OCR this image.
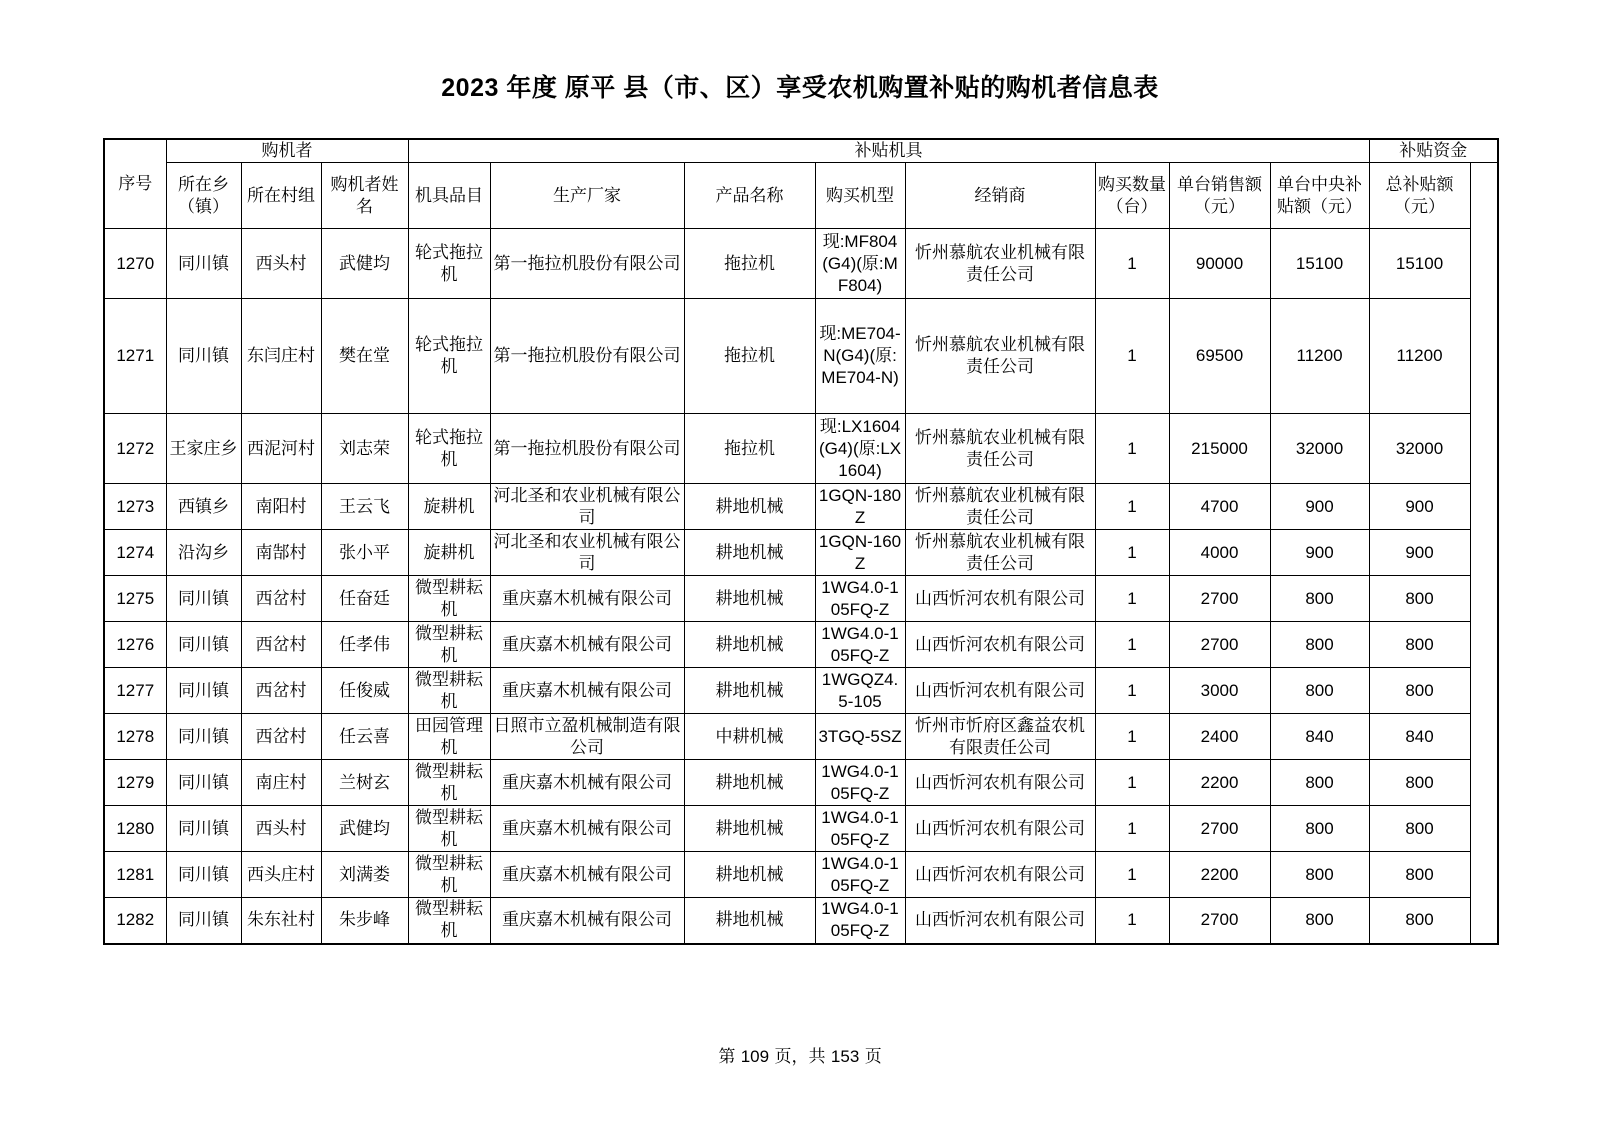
2023 年度 原平 县（市、区）享受农机购置补贴的购机者信息表
序号	购机者			补贴机具								补贴资金
	所在乡（镇）	所在村组	购机者姓名	机具品目	生产厂家	产品名称	购买机型	经销商	购买数量（台）	单台销售额（元）	单台中央补贴额（元）	总补贴额（元）
1270	同川镇	西头村	武健均	轮式拖拉机	第一拖拉机股份有限公司	拖拉机	现:MF804(G4)(原:MF804)	忻州慕航农业机械有限责任公司	1	90000	15100	15100
1271	同川镇	东闫庄村	樊在堂	轮式拖拉机	第一拖拉机股份有限公司	拖拉机	现:ME704-N(G4)(原:ME704-N)	忻州慕航农业机械有限责任公司	1	69500	11200	11200
1272	王家庄乡	西泥河村	刘志荣	轮式拖拉机	第一拖拉机股份有限公司	拖拉机	现:LX1604(G4)(原:LX1604)	忻州慕航农业机械有限责任公司	1	215000	32000	32000
1273	西镇乡	南阳村	王云飞	旋耕机	河北圣和农业机械有限公司	耕地机械	1GQN-180Z	忻州慕航农业机械有限责任公司	1	4700	900	900
1274	沿沟乡	南郜村	张小平	旋耕机	河北圣和农业机械有限公司	耕地机械	1GQN-160Z	忻州慕航农业机械有限责任公司	1	4000	900	900
1275	同川镇	西岔村	任奋廷	微型耕耘机	重庆嘉木机械有限公司	耕地机械	1WG4.0-105FQ-Z	山西忻河农机有限公司	1	2700	800	800
1276	同川镇	西岔村	任孝伟	微型耕耘机	重庆嘉木机械有限公司	耕地机械	1WG4.0-105FQ-Z	山西忻河农机有限公司	1	2700	800	800
1277	同川镇	西岔村	任俊威	微型耕耘机	重庆嘉木机械有限公司	耕地机械	1WGQZ4.5-105	山西忻河农机有限公司	1	3000	800	800
1278	同川镇	西岔村	任云喜	田园管理机	日照市立盈机械制造有限公司	中耕机械	3TGQ-5SZ	忻州市忻府区鑫益农机有限责任公司	1	2400	840	840
1279	同川镇	南庄村	兰树玄	微型耕耘机	重庆嘉木机械有限公司	耕地机械	1WG4.0-105FQ-Z	山西忻河农机有限公司	1	2200	800	800
1280	同川镇	西头村	武健均	微型耕耘机	重庆嘉木机械有限公司	耕地机械	1WG4.0-105FQ-Z	山西忻河农机有限公司	1	2700	800	800
1281	同川镇	西头庄村	刘满娄	微型耕耘机	重庆嘉木机械有限公司	耕地机械	1WG4.0-105FQ-Z	山西忻河农机有限公司	1	2200	800	800
1282	同川镇	朱东社村	朱步峰	微型耕耘机	重庆嘉木机械有限公司	耕地机械	1WG4.0-105FQ-Z	山西忻河农机有限公司	1	2700	800	800
第 109 页，共 153 页
